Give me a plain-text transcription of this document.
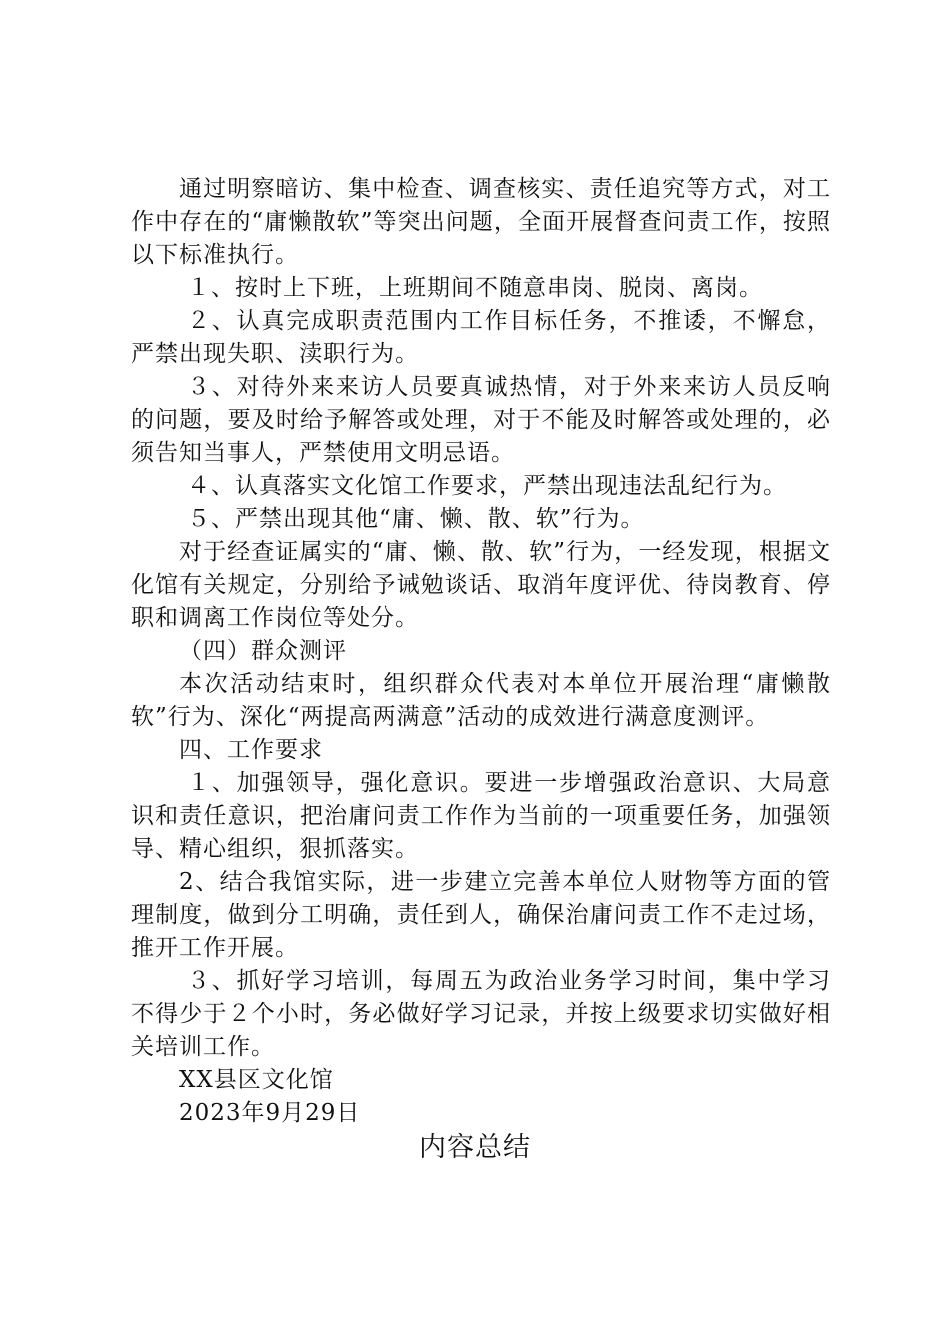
通过明察暗访、集中检查、调查核实、责任追究等方式，对工作中存在的“庸懒散软”等突出问题，全面开展督查问责工作，按照以下标准执行。

１、按时上下班，上班期间不随意串岗、脱岗、离岗。

２、认真完成职责范围内工作目标任务，不推诿，不懈怠，严禁出现失职、渎职行为。

３、对待外来来访人员要真诚热情，对于外来来访人员反响的问题，要及时给予解答或处理，对于不能及时解答或处理的，必须告知当事人，严禁使用文明忌语。

４、认真落实文化馆工作要求，严禁出现违法乱纪行为。

５、严禁出现其他“庸、懒、散、软”行为。

对于经查证属实的“庸、懒、散、软”行为，一经发现，根据文化馆有关规定，分别给予诫勉谈话、取消年度评优、待岗教育、停职和调离工作岗位等处分。

（四）群众测评

本次活动结束时，组织群众代表对本单位开展治理“庸懒散软”行为、深化“两提高两满意”活动的成效进行满意度测评。

四、工作要求

１、加强领导，强化意识。要进一步增强政治意识、大局意识和责任意识，把治庸问责工作作为当前的一项重要任务，加强领导、精心组织，狠抓落实。

2、结合我馆实际，进一步建立完善本单位人财物等方面的管理制度，做到分工明确，责任到人，确保治庸问责工作不走过场，推开工作开展。

３、抓好学习培训，每周五为政治业务学习时间，集中学习不得少于２个小时，务必做好学习记录，并按上级要求切实做好相关培训工作。

XX县区文化馆

2023年9月29日

内容总结
